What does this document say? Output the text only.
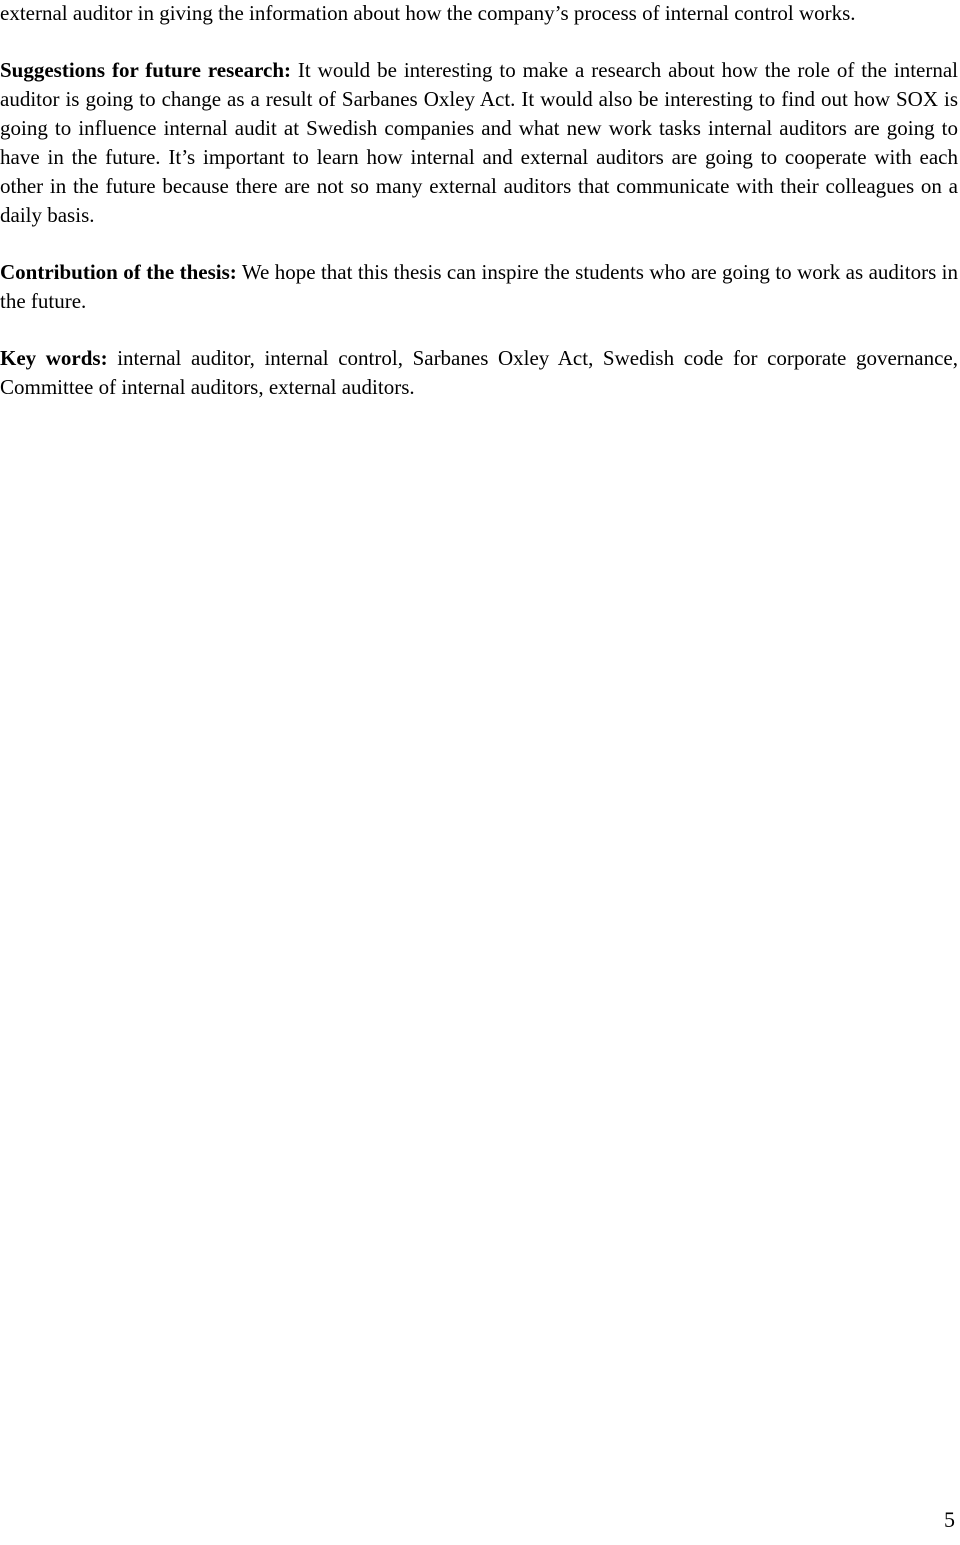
external auditor in giving the information about how the company’s process of internal control works.

Suggestions for future research: It would be interesting to make a research about how the role of the internal auditor is going to change as a result of Sarbanes Oxley Act. It would also be interesting to find out how SOX is going to influence internal audit at Swedish companies and what new work tasks internal auditors are going to have in the future. It’s important to learn how internal and external auditors are going to cooperate with each other in the future because there are not so many external auditors that communicate with their colleagues on a daily basis.

Contribution of the thesis: We hope that this thesis can inspire the students who are going to work as auditors in the future.

Key words: internal auditor, internal control, Sarbanes Oxley Act, Swedish code for corporate governance, Committee of internal auditors, external auditors.

5
